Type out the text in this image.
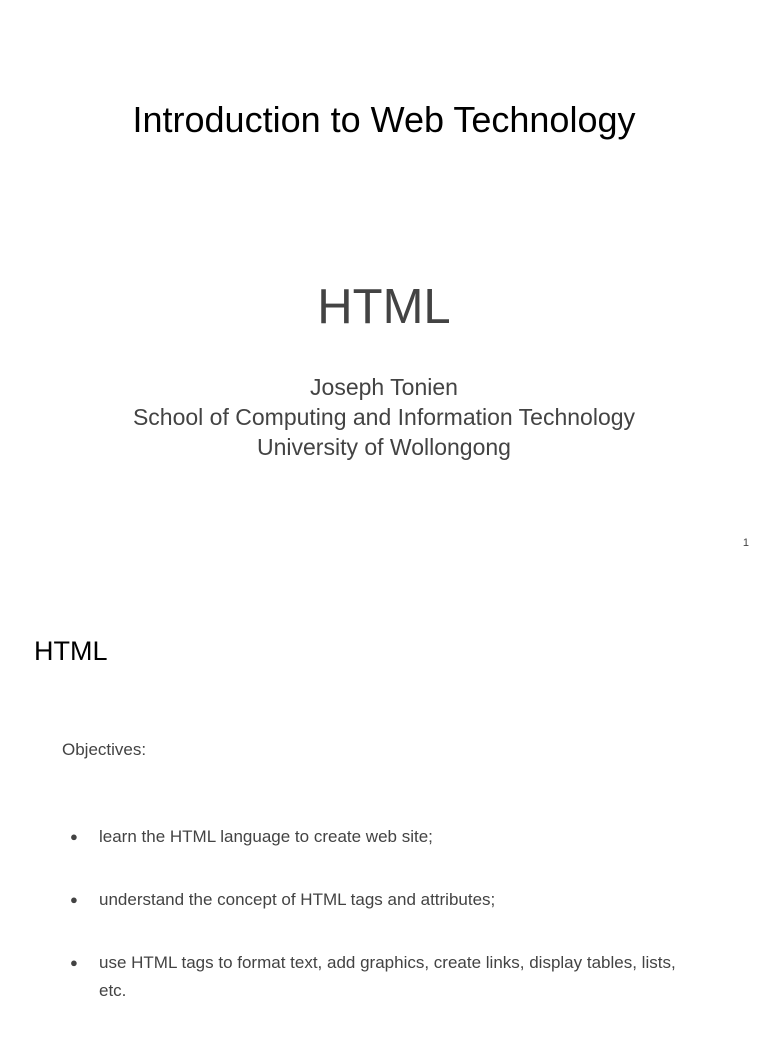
Introduction to Web Technology
HTML
Joseph Tonien
School of Computing and Information Technology
University of Wollongong
1
HTML
Objectives:
● learn the HTML language to create web site;
● understand the concept of HTML tags and attributes;
● use HTML tags to format text, add graphics, create links, display tables, lists, etc.
